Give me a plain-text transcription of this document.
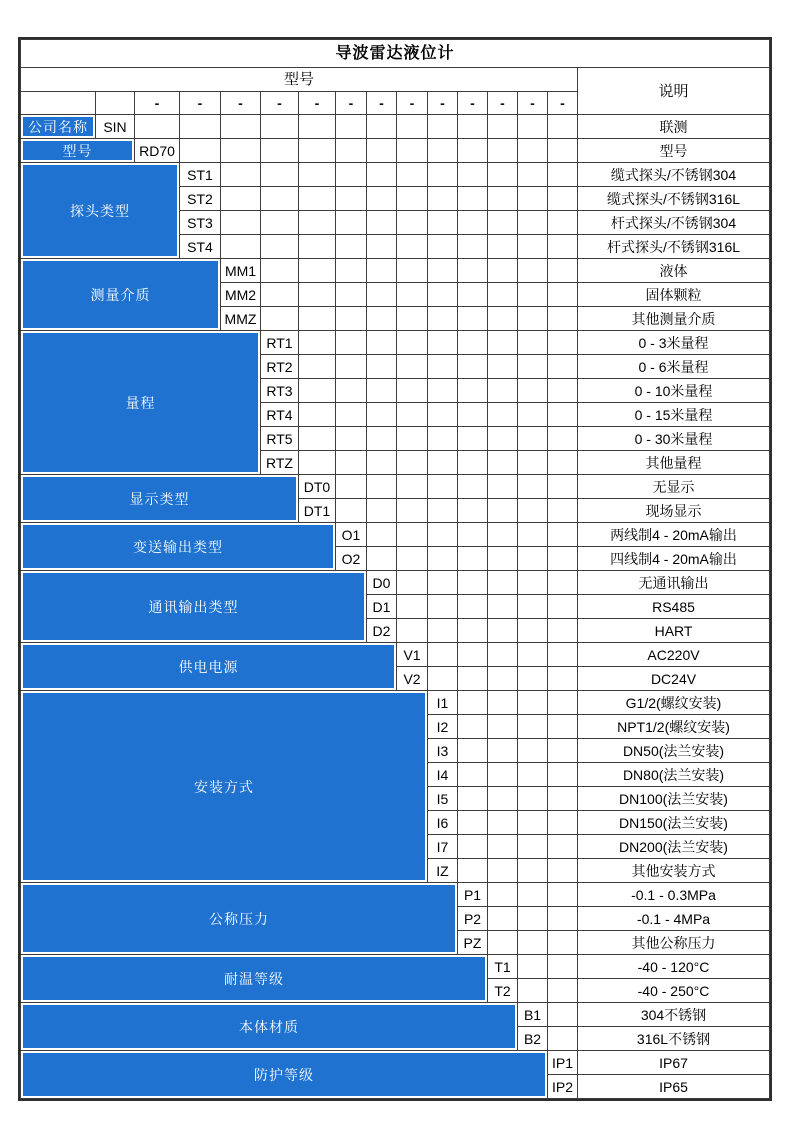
导波雷达液位计															
型号															说明
		-	-	-	-	-	-	-	-	-	-	-	-	-	

公司名称	SIN														联测

型号		RD70													型号

探头类型			ST1												缆式探头/不锈钢304
			ST2												缆式探头/不锈钢316L
			ST3												杆式探头/不锈钢304
			ST4												杆式探头/不锈钢316L

测量介质				MM1											液体
				MM2											固体颗粒
				MMZ											其他测量介质

量程					RT1										0 - 3米量程
					RT2										0 - 6米量程
					RT3										0 - 10米量程
					RT4										0 - 15米量程
					RT5										0 - 30米量程
					RTZ										其他量程

显示类型						DT0									无显示
						DT1									现场显示

变送输出类型							O1								两线制4 - 20mA输出
							O2								四线制4 - 20mA输出

通讯输出类型								D0							无通讯输出
								D1							RS485
								D2							HART

供电电源									V1						AC220V
									V2						DC24V

安装方式										I1					G1/2(螺纹安装)
										I2					NPT1/2(螺纹安装)
										I3					DN50(法兰安装)
										I4					DN80(法兰安装)
										I5					DN100(法兰安装)
										I6					DN150(法兰安装)
										I7					DN200(法兰安装)
										IZ					其他安装方式

公称压力											P1				-0.1 - 0.3MPa
											P2				-0.1 - 4MPa
											PZ				其他公称压力

耐温等级												T1			-40 - 120°C
												T2			-40 - 250°C

本体材质													B1		304不锈钢
													B2		316L不锈钢

防护等级														IP1	IP67
														IP2	IP65
